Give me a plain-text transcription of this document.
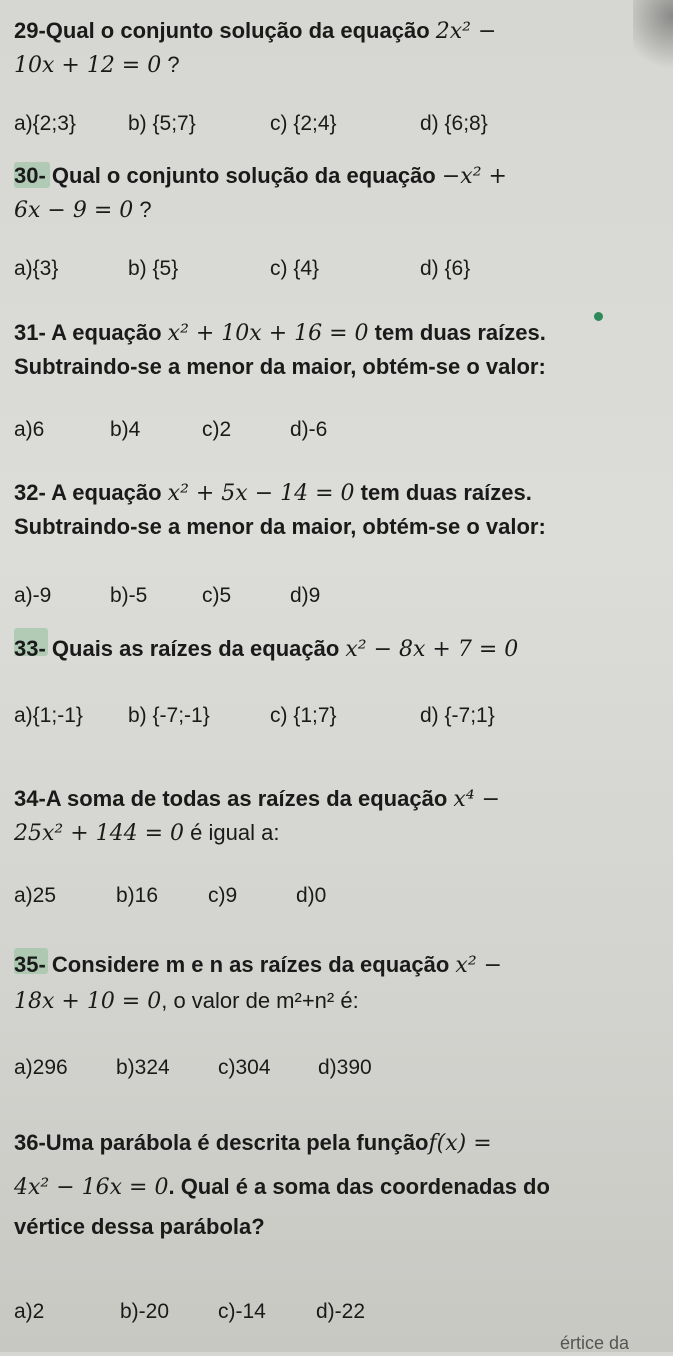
29-Qual o conjunto solução da equação 2x² −
10x + 12 = 0 ?
a){2;3} b) {5;7}	c) {2;4}	d) {6;8}
30- Qual o conjunto solução da equação −x² +
6x − 9 = 0 ?
a){3}	b) {5}	c) {4}	d) {6}
31- A equação x² + 10x + 16 = 0 tem duas raízes.
Subtraindo-se a menor da maior, obtém-se o valor:
a)6	b)4	c)2	d)-6
32- A equação x² + 5x − 14 = 0 tem duas raízes.
Subtraindo-se a menor da maior, obtém-se o valor:
a)-9	b)-5	c)5	d)9
33- Quais as raízes da equação x² − 8x + 7 = 0
a){1;-1} b) {-7;-1}	c) {1;7}	d) {-7;1}
34-A soma de todas as raízes da equação x⁴ −
25x² + 144 = 0 é igual a:
a)25	b)16 c)9	d)0
35- Considere m e n as raízes da equação x² −
18x + 10 = 0, o valor de m²+n² é:
a)296 b)324 c)304 d)390
36-Uma parábola é descrita pela funçãof(x) =
4x² − 16x = 0. Qual é a soma das coordenadas do
vértice dessa parábola?
a)2	b)-20 c)-14 d)-22
értice da
